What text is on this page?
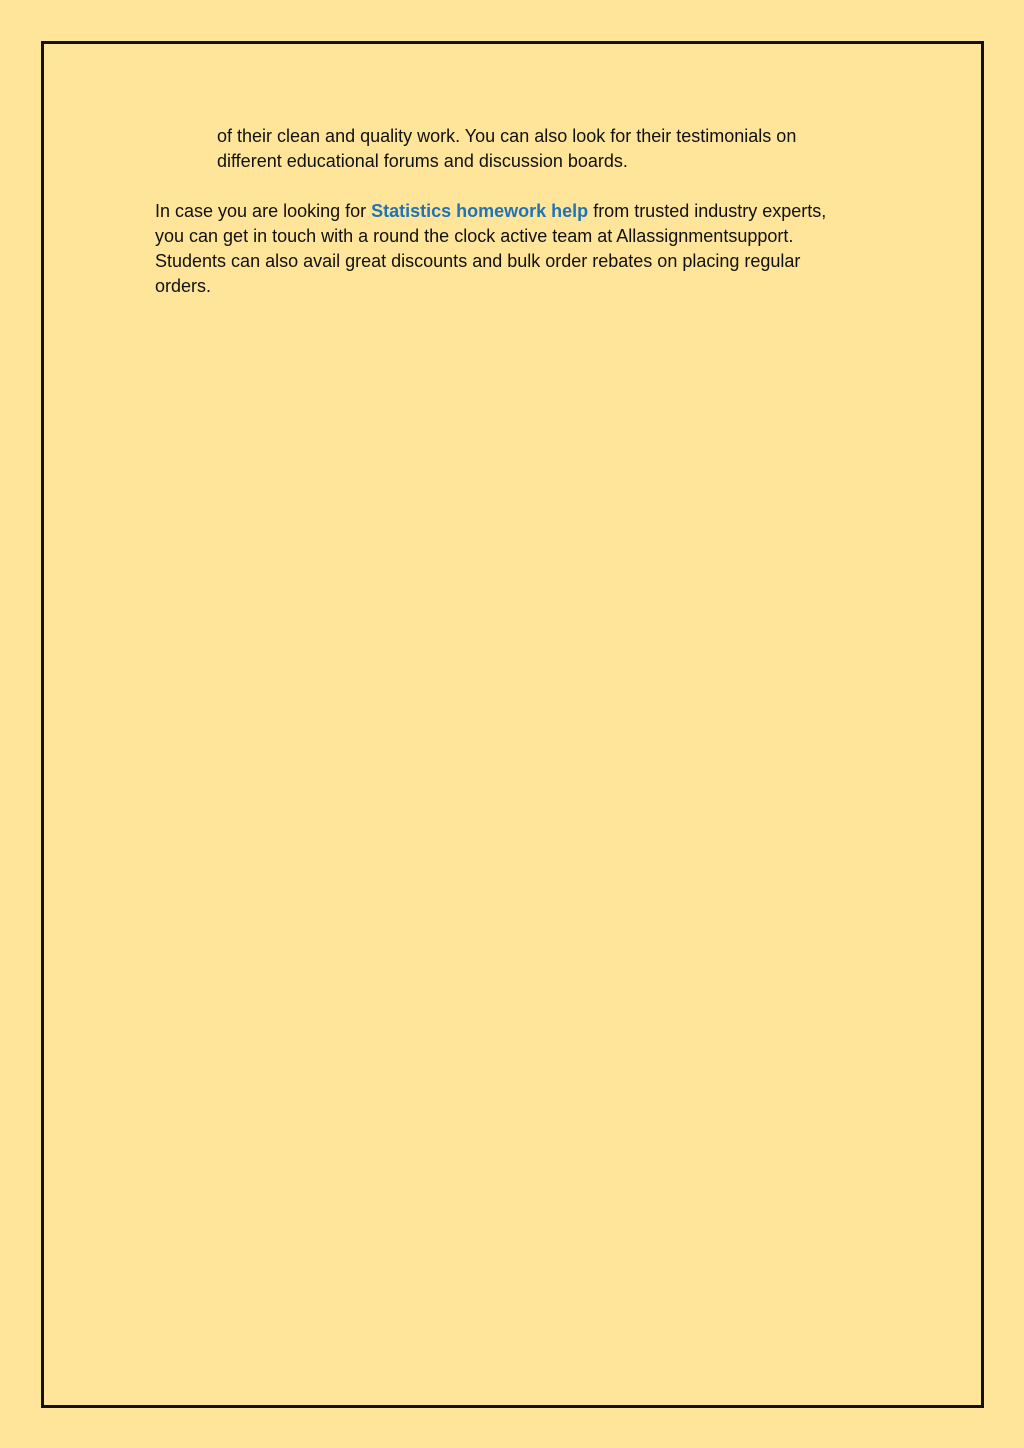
of their clean and quality work. You can also look for their testimonials on
different educational forums and discussion boards.
In case you are looking for Statistics homework help from trusted industry experts,
you can get in touch with a round the clock active team at Allassignmentsupport.
Students can also avail great discounts and bulk order rebates on placing regular
orders.
